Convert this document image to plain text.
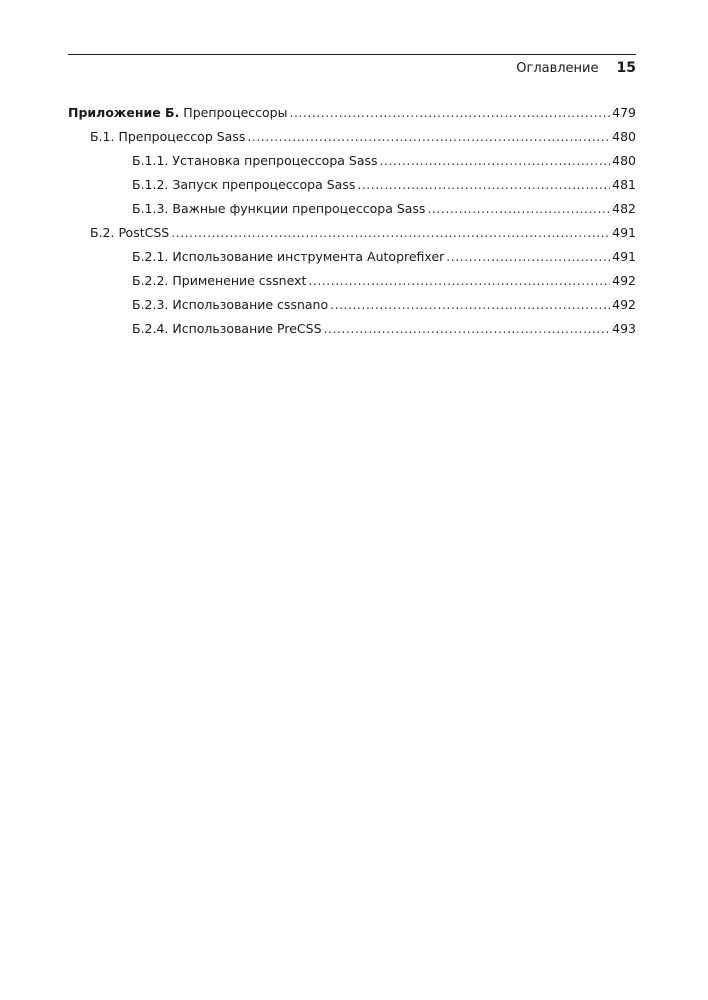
Оглавление 15
Приложение Б. Препроцессоры .....	479
Б.1. Препроцессор Sass .....	480
Б.1.1. Установка препроцессора Sass .....	480
Б.1.2. Запуск препроцессора Sass .....	481
Б.1.3. Важные функции препроцессора Sass .....	482
Б.2. PostCSS .....	491
Б.2.1. Использование инструмента Autoprefixer .....	491
Б.2.2. Применение cssnext .....	492
Б.2.3. Использование cssnano .....	492
Б.2.4. Использование PreCSS .....	493
